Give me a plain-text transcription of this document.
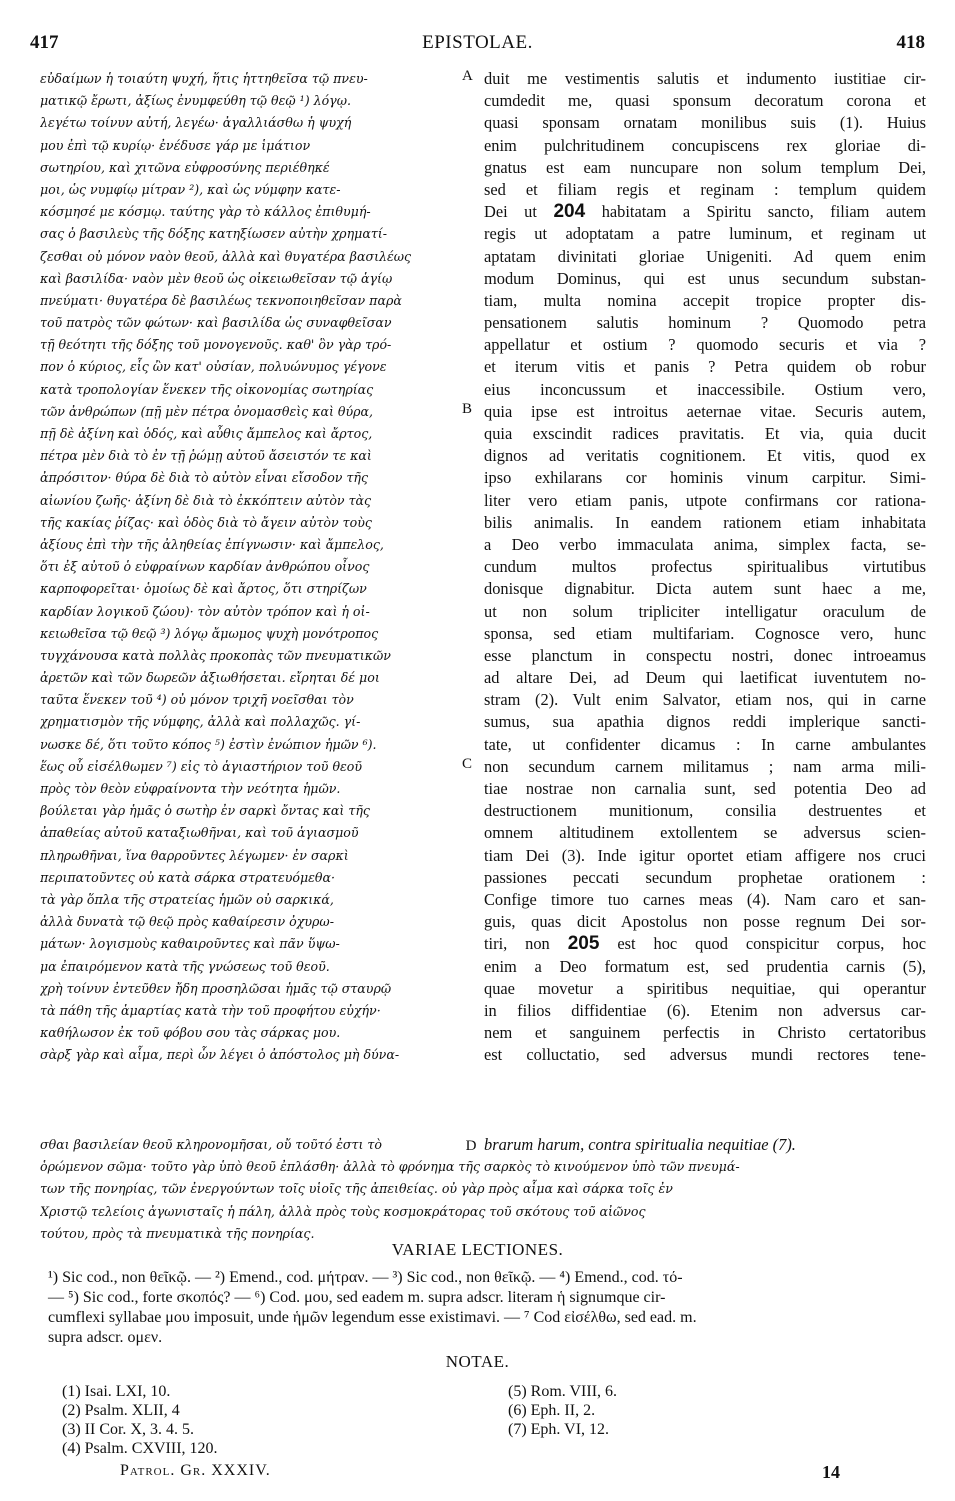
417	EPISTOLAE.	418
εὐδαίμων ἡ τοιαύτη ψυχή, ἥτις ἡττηθεῖσα τῷ πνευ-
ματικῷ ἔρωτι, ἀξίως ἐνυμφεύθη τῷ θεῷ ¹) λόγῳ.
λεγέτω τοίνυν αὐτή, λεγέω· ἀγαλλιάσθω ἡ ψυχή
μου ἐπὶ τῷ κυρίῳ· ἐνέδυσε γάρ με ἱμάτιον
σωτηρίου, καὶ χιτῶνα εὐφροσύνης περιέθηκέ
μοι, ὡς νυμφίῳ μίτραν ²), καὶ ὡς νύμφην κατε-
κόσμησέ με κόσμῳ. ταύτης γὰρ τὸ κάλλος ἐπιθυμή-
σας ὁ βασιλεὺς τῆς δόξης κατηξίωσεν αὐτὴν χρηματί-
ζεσθαι οὐ μόνον ναὸν θεοῦ, ἀλλὰ καὶ θυγατέρα βασιλέως
καὶ βασιλίδα· ναὸν μὲν θεοῦ ὡς οἰκειωθεῖσαν τῷ ἁγίῳ
πνεύματι· θυγατέρα δὲ βασιλέως τεκνοποιηθεῖσαν παρὰ
τοῦ πατρὸς τῶν φώτων· καὶ βασιλίδα ὡς συναφθεῖσαν
τῇ θεότητι τῆς δόξης τοῦ μονογενοῦς. καθ' ὃν γὰρ τρό-
πον ὁ κύριος, εἷς ὢν κατ' οὐσίαν, πολυώνυμος γέγονε
κατὰ τροπολογίαν ἕνεκεν τῆς οἰκονομίας σωτηρίας
τῶν ἀνθρώπων (πῇ μὲν πέτρα ὀνομασθεὶς καὶ θύρα,
πῇ δὲ ἀξίνη καὶ ὁδός, καὶ αὖθις ἄμπελος καὶ ἄρτος,
πέτρα μὲν διὰ τὸ ἐν τῇ ῥώμῃ αὐτοῦ ἄσειστόν τε καὶ
ἀπρόσιτον· θύρα δὲ διὰ τὸ αὐτὸν εἶναι εἴσοδον τῆς
αἰωνίου ζωῆς· ἀξίνη δὲ διὰ τὸ ἐκκόπτειν αὐτὸν τὰς
τῆς κακίας ῥίζας· καὶ ὁδὸς διὰ τὸ ἄγειν αὐτὸν τοὺς
ἀξίους ἐπὶ τὴν τῆς ἀληθείας ἐπίγνωσιν· καὶ ἄμπελος,
ὅτι ἐξ αὐτοῦ ὁ εὐφραίνων καρδίαν ἀνθρώπου οἶνος
καρποφορεῖται· ὁμοίως δὲ καὶ ἄρτος, ὅτι στηρίζων
καρδίαν λογικοῦ ζώου)· τὸν αὐτὸν τρόπον καὶ ἡ οἰ-
κειωθεῖσα τῷ θεῷ ³) λόγῳ ἄμωμος ψυχὴ μονότροπος
τυγχάνουσα κατὰ πολλὰς προκοπὰς τῶν πνευματικῶν
ἀρετῶν καὶ τῶν δωρεῶν ἀξιωθήσεται. εἴρηται δέ μοι
ταῦτα ἕνεκεν τοῦ ⁴) οὐ μόνον τριχῆ νοεῖσθαι τὸν
χρηματισμὸν τῆς νύμφης, ἀλλὰ καὶ πολλαχῶς. γί-
νωσκε δέ, ὅτι τοῦτο κόπος ⁵) ἐστὶν ἐνώπιον ἡμῶν ⁶).
ἕως οὗ εἰσέλθωμεν ⁷) εἰς τὸ ἁγιαστήριον τοῦ θεοῦ
πρὸς τὸν θεὸν εὐφραίνοντα τὴν νεότητα ἡμῶν.
βούλεται γὰρ ἡμᾶς ὁ σωτὴρ ἐν σαρκὶ ὄντας καὶ τῆς
ἀπαθείας αὐτοῦ καταξιωθῆναι, καὶ τοῦ ἁγιασμοῦ
πληρωθῆναι, ἵνα θαρροῦντες λέγωμεν· ἐν σαρκὶ
περιπατοῦντες οὐ κατὰ σάρκα στρατευόμεθα·
τὰ γὰρ ὅπλα τῆς στρατείας ἡμῶν οὐ σαρκικά,
ἀλλὰ δυνατὰ τῷ θεῷ πρὸς καθαίρεσιν ὀχυρω-
μάτων· λογισμοὺς καθαιροῦντες καὶ πᾶν ὕψω-
μα ἐπαιρόμενον κατὰ τῆς γνώσεως τοῦ θεοῦ.
χρὴ τοίνυν ἐντεῦθεν ἤδη προσηλῶσαι ἡμᾶς τῷ σταυρῷ
τὰ πάθη τῆς ἁμαρτίας κατὰ τὴν τοῦ προφήτου εὐχήν·
καθήλωσον ἐκ τοῦ φόβου σου τὰς σάρκας μου.
σὰρξ γὰρ καὶ αἷμα, περὶ ὧν λέγει ὁ ἀπόστολος μὴ δύνα-
A
B
C
duit me vestimentis salutis et indumento iustitiae cir-
cumdedit me, quasi sponsum decoratum corona et
quasi sponsam ornatam monilibus suis (1). Huius
enim pulchritudinem concupiscens rex gloriae di-
gnatus est eam nuncupare non solum templum Dei,
sed et filiam regis et reginam : templum quidem
Dei ut 204 habitatam a Spiritu sancto, filiam autem
regis ut adoptatam a patre luminum, et reginam ut
aptatam divinitati gloriae Unigeniti. Ad quem enim
modum Dominus, qui est unus secundum substan-
tiam, multa nomina accepit tropice propter dis-
pensationem salutis hominum ? Quomodo petra
appellatur et ostium ? quomodo securis et via ?
et iterum vitis et panis ? Petra quidem ob robur
eius inconcussum et inaccessibile. Ostium vero,
quia ipse est introitus aeternae vitae. Securis autem,
quia exscindit radices pravitatis. Et via, quia ducit
dignos ad veritatis cognitionem. Et vitis, quod ex
ipso exhilarans cor hominis vinum carpitur. Simi-
liter vero etiam panis, utpote confirmans cor rationa-
bilis animalis. In eandem rationem etiam inhabitata
a Deo verbo immaculata anima, simplex facta, se-
cundum multos profectus spiritualibus virtutibus
donisque dignabitur. Dicta autem sunt haec a me,
ut non solum tripliciter intelligatur oraculum de
sponsa, sed etiam multifariam. Cognosce vero, hunc
esse planctum in conspectu nostri, donec introeamus
ad altare Dei, ad Deum qui laetificat iuventutem no-
stram (2). Vult enim Salvator, etiam nos, qui in carne
sumus, sua apathia dignos reddi implerique sancti-
tate, ut confidenter dicamus : In carne ambulantes
non secundum carnem militamus ; nam arma mili-
tiae nostrae non carnalia sunt, sed potentia Deo ad
destructionem munitionum, consilia destruentes et
omnem altitudinem extollentem se adversus scien-
tiam Dei (3). Inde igitur oportet etiam affigere nos cruci
passiones peccati secundum prophetae orationem :
Confige timore tuo carnes meas (4). Nam caro et san-
guis, quas dicit Apostolus non posse regnum Dei sor-
tiri, non 205 est hoc quod conspicitur corpus, hoc
enim a Deo formatum est, sed prudentia carnis (5),
quae movetur a spiritibus nequitiae, qui operantur
in filios diffidentiae (6). Etenim non adversus car-
nem et sanguinem perfectis in Christo certatoribus
est colluctatio, sed adversus mundi rectores tene-
σθαι βασιλείαν θεοῦ κληρονομῆσαι, οὔ τοῦτό ἐστι τὸ	D brarum harum, contra spiritualia nequitiae (7).
ὁρώμενον σῶμα· τοῦτο γὰρ ὑπὸ θεοῦ ἐπλάσθη· ἀλλὰ τὸ φρόνημα τῆς σαρκὸς τὸ κινούμενον ὑπὸ τῶν πνευμά-
των τῆς πονηρίας, τῶν ἐνεργούντων τοῖς υἱοῖς τῆς ἀπειθείας. οὐ γὰρ πρὸς αἷμα καὶ σάρκα τοῖς ἐν
Χριστῷ τελείοις ἀγωνισταῖς ἡ πάλη, ἀλλὰ πρὸς τοὺς κοσμοκράτορας τοῦ σκότους τοῦ αἰῶνος
τούτου, πρὸς τὰ πνευματικὰ τῆς πονηρίας.
VARIAE LECTIONES.
¹) Sic cod., non θεῖκῷ. — ²) Emend., cod. μήτραν. — ³) Sic cod., non θεῖκῷ. — ⁴) Emend., cod. τό-
— ⁵) Sic cod., forte σκοπός? — ⁶) Cod. μου, sed eadem m. supra adscr. literam ἡ signumque cir-
cumflexi syllabae μου imposuit, unde ἡμῶν legendum esse existimavi. — ⁷ Cod εἰσέλθω, sed ead. m.
supra adscr. ομεν.
NOTAE.
(1) Isai. LXI, 10.
(2) Psalm. XLII, 4
(3) II Cor. X, 3. 4. 5.
(4) Psalm. CXVIII, 120.
(5) Rom. VIII, 6.
(6) Eph. II, 2.
(7) Eph. VI, 12.
Patrol. Gr. XXXIV.	14
